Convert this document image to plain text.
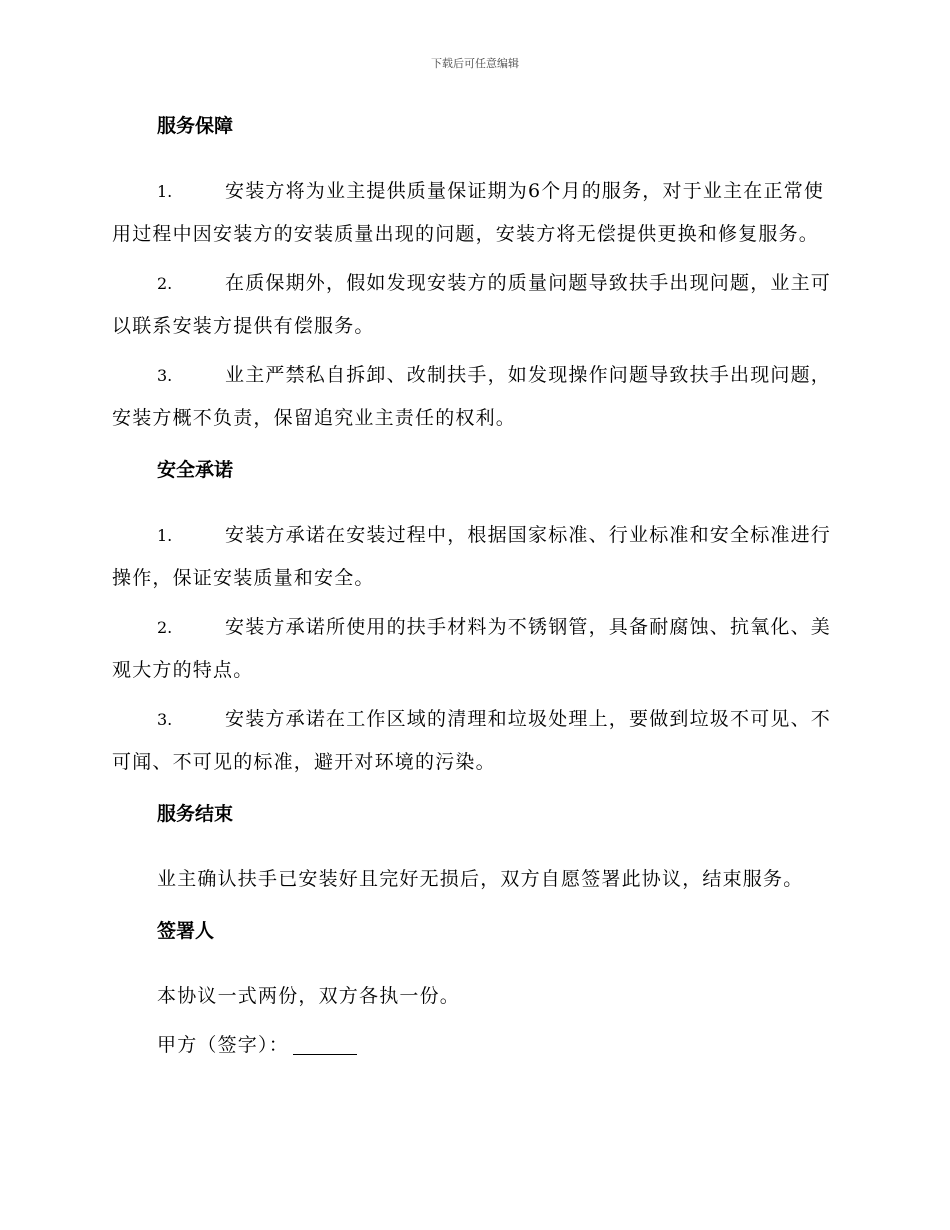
下载后可任意编辑
服务保障
1.	安装方将为业主提供质量保证期为6个月的服务，对于业主在正常使用过程中因安装方的安装质量出现的问题，安装方将无偿提供更换和修复服务。
2.	在质保期外，假如发现安装方的质量问题导致扶手出现问题，业主可以联系安装方提供有偿服务。
3.	业主严禁私自拆卸、改制扶手，如发现操作问题导致扶手出现问题，安装方概不负责，保留追究业主责任的权利。
安全承诺
1.	安装方承诺在安装过程中，根据国家标准、行业标准和安全标准进行操作，保证安装质量和安全。
2.	安装方承诺所使用的扶手材料为不锈钢管，具备耐腐蚀、抗氧化、美观大方的特点。
3.	安装方承诺在工作区域的清理和垃圾处理上，要做到垃圾不可见、不可闻、不可见的标准，避开对环境的污染。
服务结束
业主确认扶手已安装好且完好无损后，双方自愿签署此协议，结束服务。
签署人
本协议一式两份，双方各执一份。
甲方（签字）：
